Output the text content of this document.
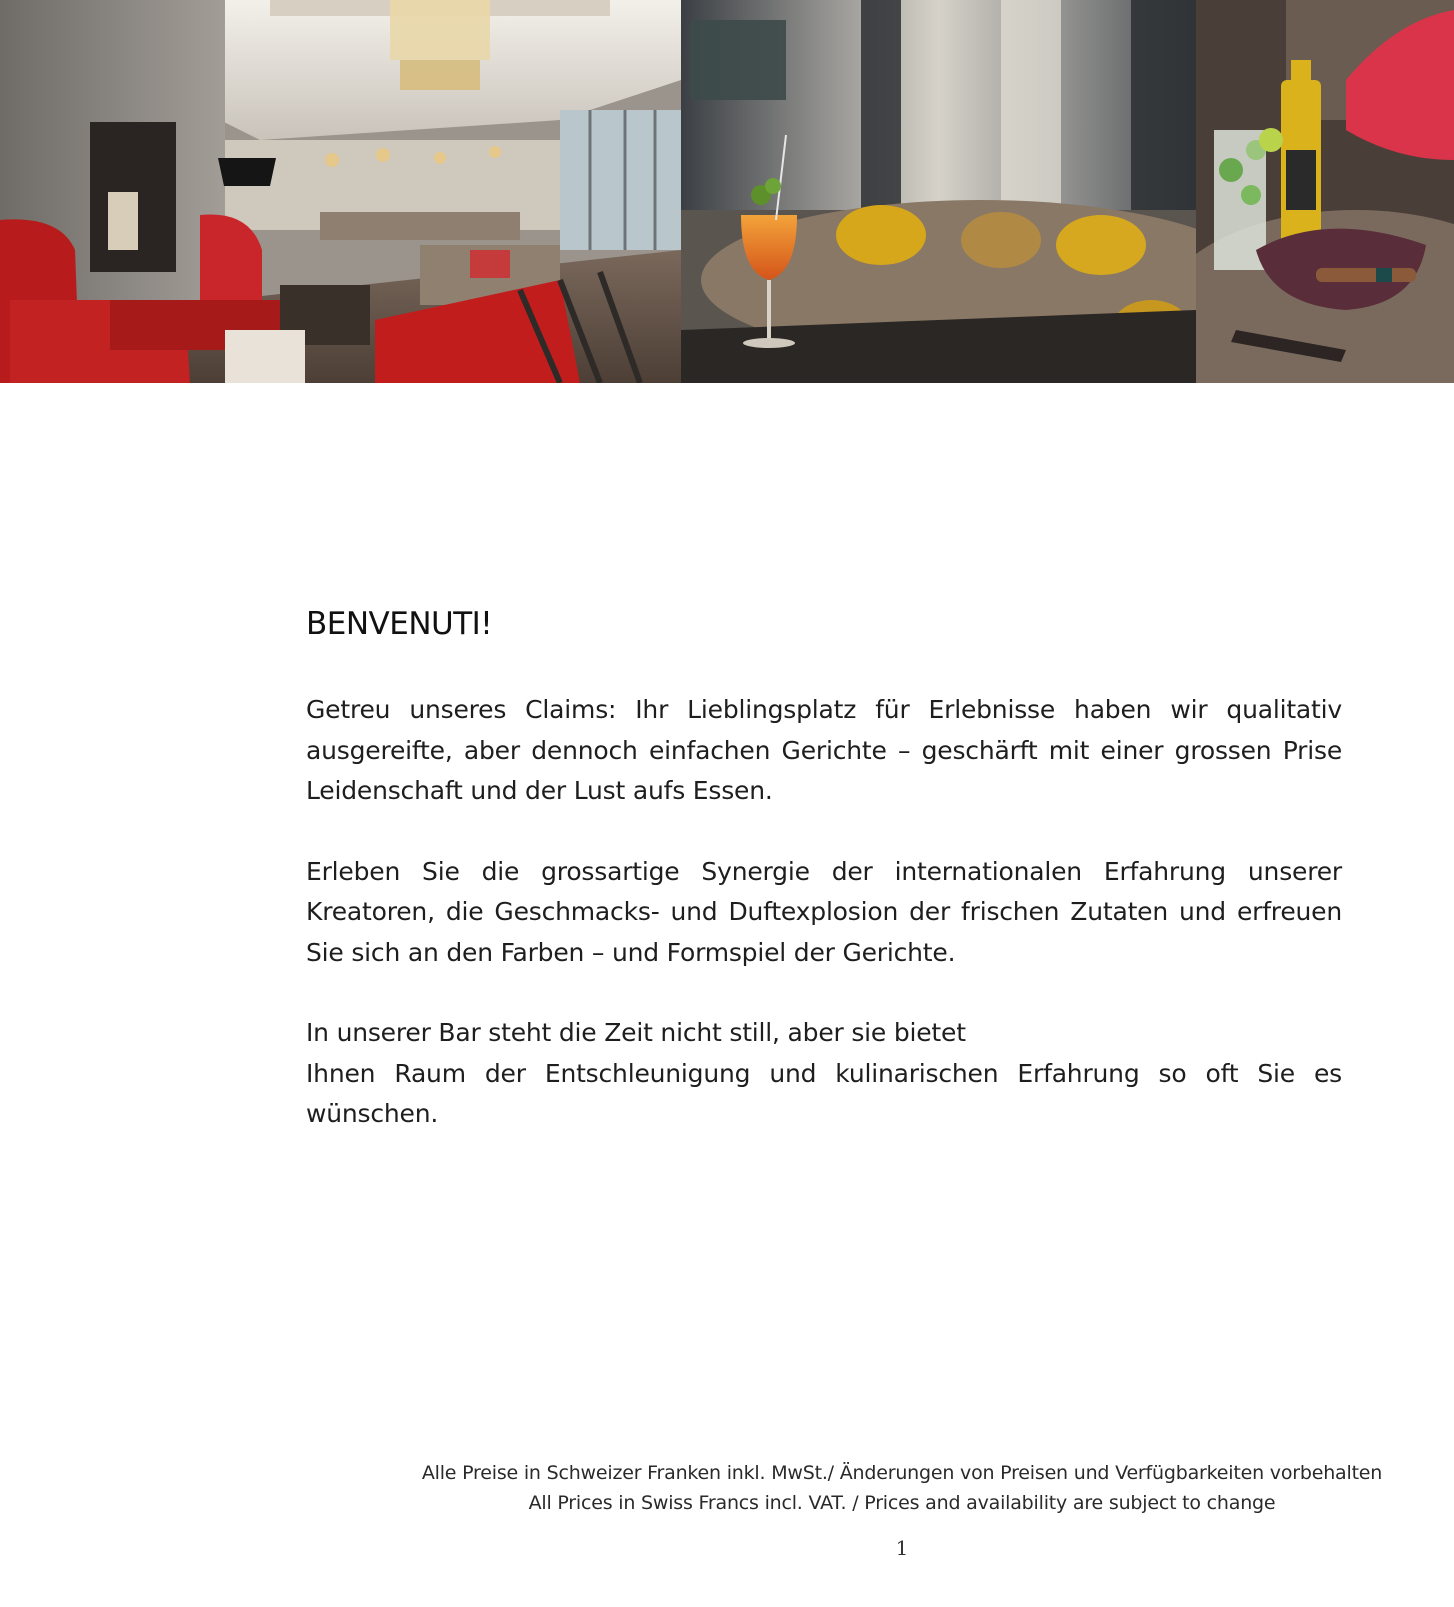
BENVENUTI!

Getreu unseres Claims: Ihr Lieblingsplatz für Erlebnisse haben wir qualitativ ausgereifte, aber dennoch einfachen Gerichte – geschärft mit einer grossen Prise Leidenschaft und der Lust aufs Essen.

Erleben Sie die grossartige Synergie der internationalen Erfahrung unserer Kreatoren, die Geschmacks- und Duftexplosion der frischen Zutaten und erfreuen Sie sich an den Farben – und Formspiel der Gerichte.

In unserer Bar steht die Zeit nicht still, aber sie bietet
Ihnen Raum der Entschleunigung und kulinarischen Erfahrung so oft Sie es wünschen.
Alle Preise in Schweizer Franken inkl. MwSt./ Änderungen von Preisen und Verfügbarkeiten vorbehalten
All Prices in Swiss Francs incl. VAT. / Prices and availability are subject to change
1
